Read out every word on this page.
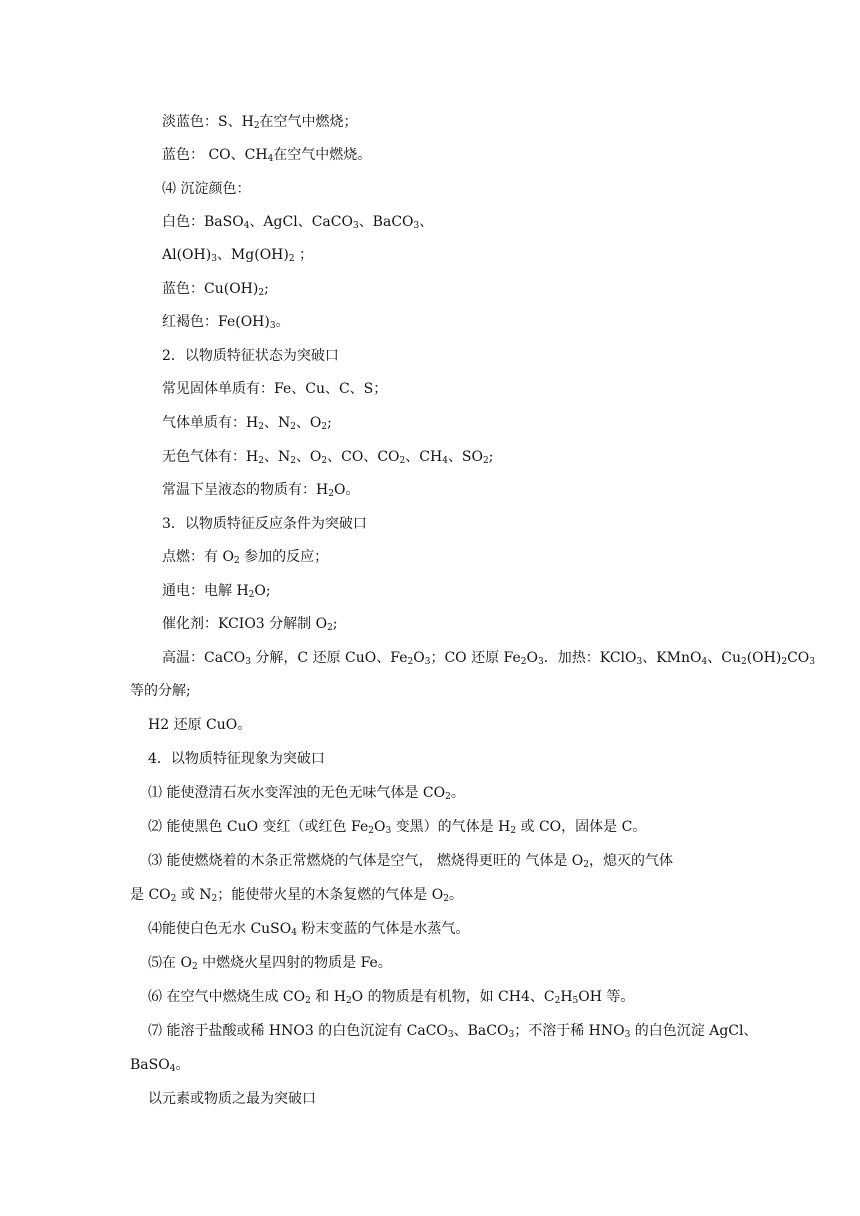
淡蓝色：S、$H_2$在空气中燃烧；
蓝色： CO、$CH_4$在空气中燃烧。
⑷ 沉淀颜色：
白色：BaSO$_4$、AgCl、CaCO$_3$、BaCO$_3$、
$Al(OH)_3$、$Mg(OH)_2$ ；
蓝色：$Cu(OH)_2$;
红褐色：$Fe(OH)_3$。
2．以物质特征状态为突破口
常见固体单质有：Fe、Cu、C、S；
气体单质有：$H_2$、$N_2$、$O_2$;
无色气体有：$H_2$、$N_2$、$O_2$、CO、$CO_2$、$CH_4$、$SO_2$;
常温下呈液态的物质有：$H_2O$。
3．以物质特征反应条件为突破口
点燃：有 $O_2$ 参加的反应；
通电：电解 $H_2O$;
催化剂：KCIO3 分解制 $O_2$;
高温：CaCO$_3$ 分解，C 还原 CuO、$Fe_2O_3$；CO 还原 $Fe_2O_3$．加热：KClO$_3$、KMnO$_4$、$Cu_2(OH)_2CO_3$
等的分解;
H2 还原 CuO。
4．以物质特征现象为突破口
⑴ 能使澄清石灰水变浑浊的无色无味气体是 $CO_2$。
⑵ 能使黑色 CuO 变红（或红色 $Fe_2O_3$ 变黑）的气体是 $H_2$ 或 CO，固体是 C。
⑶ 能使燃烧着的木条正常燃烧的气体是空气， 燃烧得更旺的 气体是 $O_2$，熄灭的气体
是 $CO_2$ 或 $N_2$；能使带火星的木条复燃的气体是 $O_2$。
⑷能使白色无水 CuSO$_4$ 粉末变蓝的气体是水蒸气。
⑸在 $O_2$ 中燃烧火星四射的物质是 Fe。
⑹ 在空气中燃烧生成 $CO_2$ 和 $H_2O$ 的物质是有机物，如 CH4、$C_2H_5OH$ 等。
⑺ 能溶于盐酸或稀 HNO3 的白色沉淀有 CaCO$_3$、BaCO$_3$；不溶于稀 $HNO_3$ 的白色沉淀 AgCl、
BaSO$_4$。
以元素或物质之最为突破口
